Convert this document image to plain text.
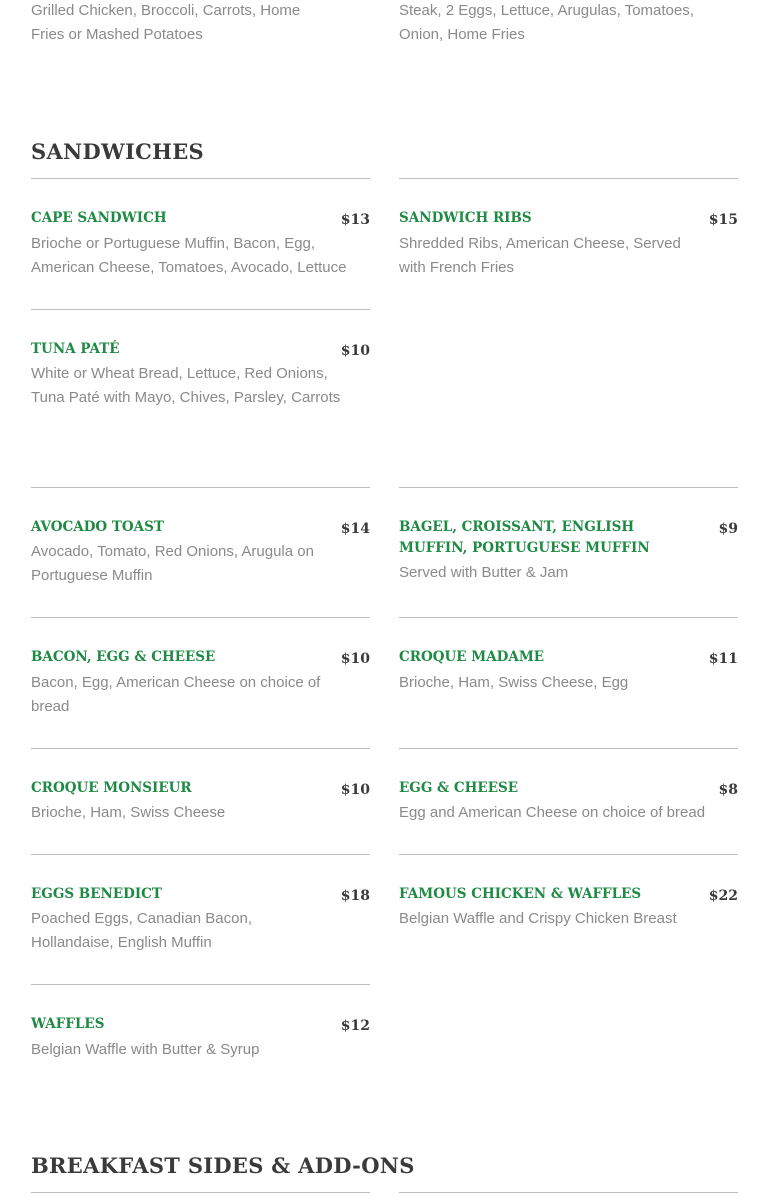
Grilled Chicken, Broccoli, Carrots, Home Fries or Mashed Potatoes
Steak, 2 Eggs, Lettuce, Arugulas, Tomatoes, Onion, Home Fries
SANDWICHES
CAPE SANDWICH	$13
Brioche or Portuguese Muffin, Bacon, Egg, American Cheese, Tomatoes, Avocado, Lettuce
SANDWICH RIBS	$15
Shredded Ribs, American Cheese, Served with French Fries
TUNA PATÉ	$10
White or Wheat Bread, Lettuce, Red Onions, Tuna Paté with Mayo, Chives, Parsley, Carrots
AVOCADO TOAST	$14
Avocado, Tomato, Red Onions, Arugula on Portuguese Muffin
BAGEL, CROISSANT, ENGLISH MUFFIN, PORTUGUESE MUFFIN
$9
Served with Butter & Jam
BACON, EGG & CHEESE	$10
Bacon, Egg, American Cheese on choice of bread
CROQUE MADAME	$11
Brioche, Ham, Swiss Cheese, Egg
CROQUE MONSIEUR	$10
Brioche, Ham, Swiss Cheese
EGG & CHEESE	$8
Egg and American Cheese on choice of bread
EGGS BENEDICT	$18
Poached Eggs, Canadian Bacon, Hollandaise, English Muffin
FAMOUS CHICKEN & WAFFLES	$22
Belgian Waffle and Crispy Chicken Breast
WAFFLES	$12
Belgian Waffle with Butter & Syrup
BREAKFAST SIDES & ADD-ONS
